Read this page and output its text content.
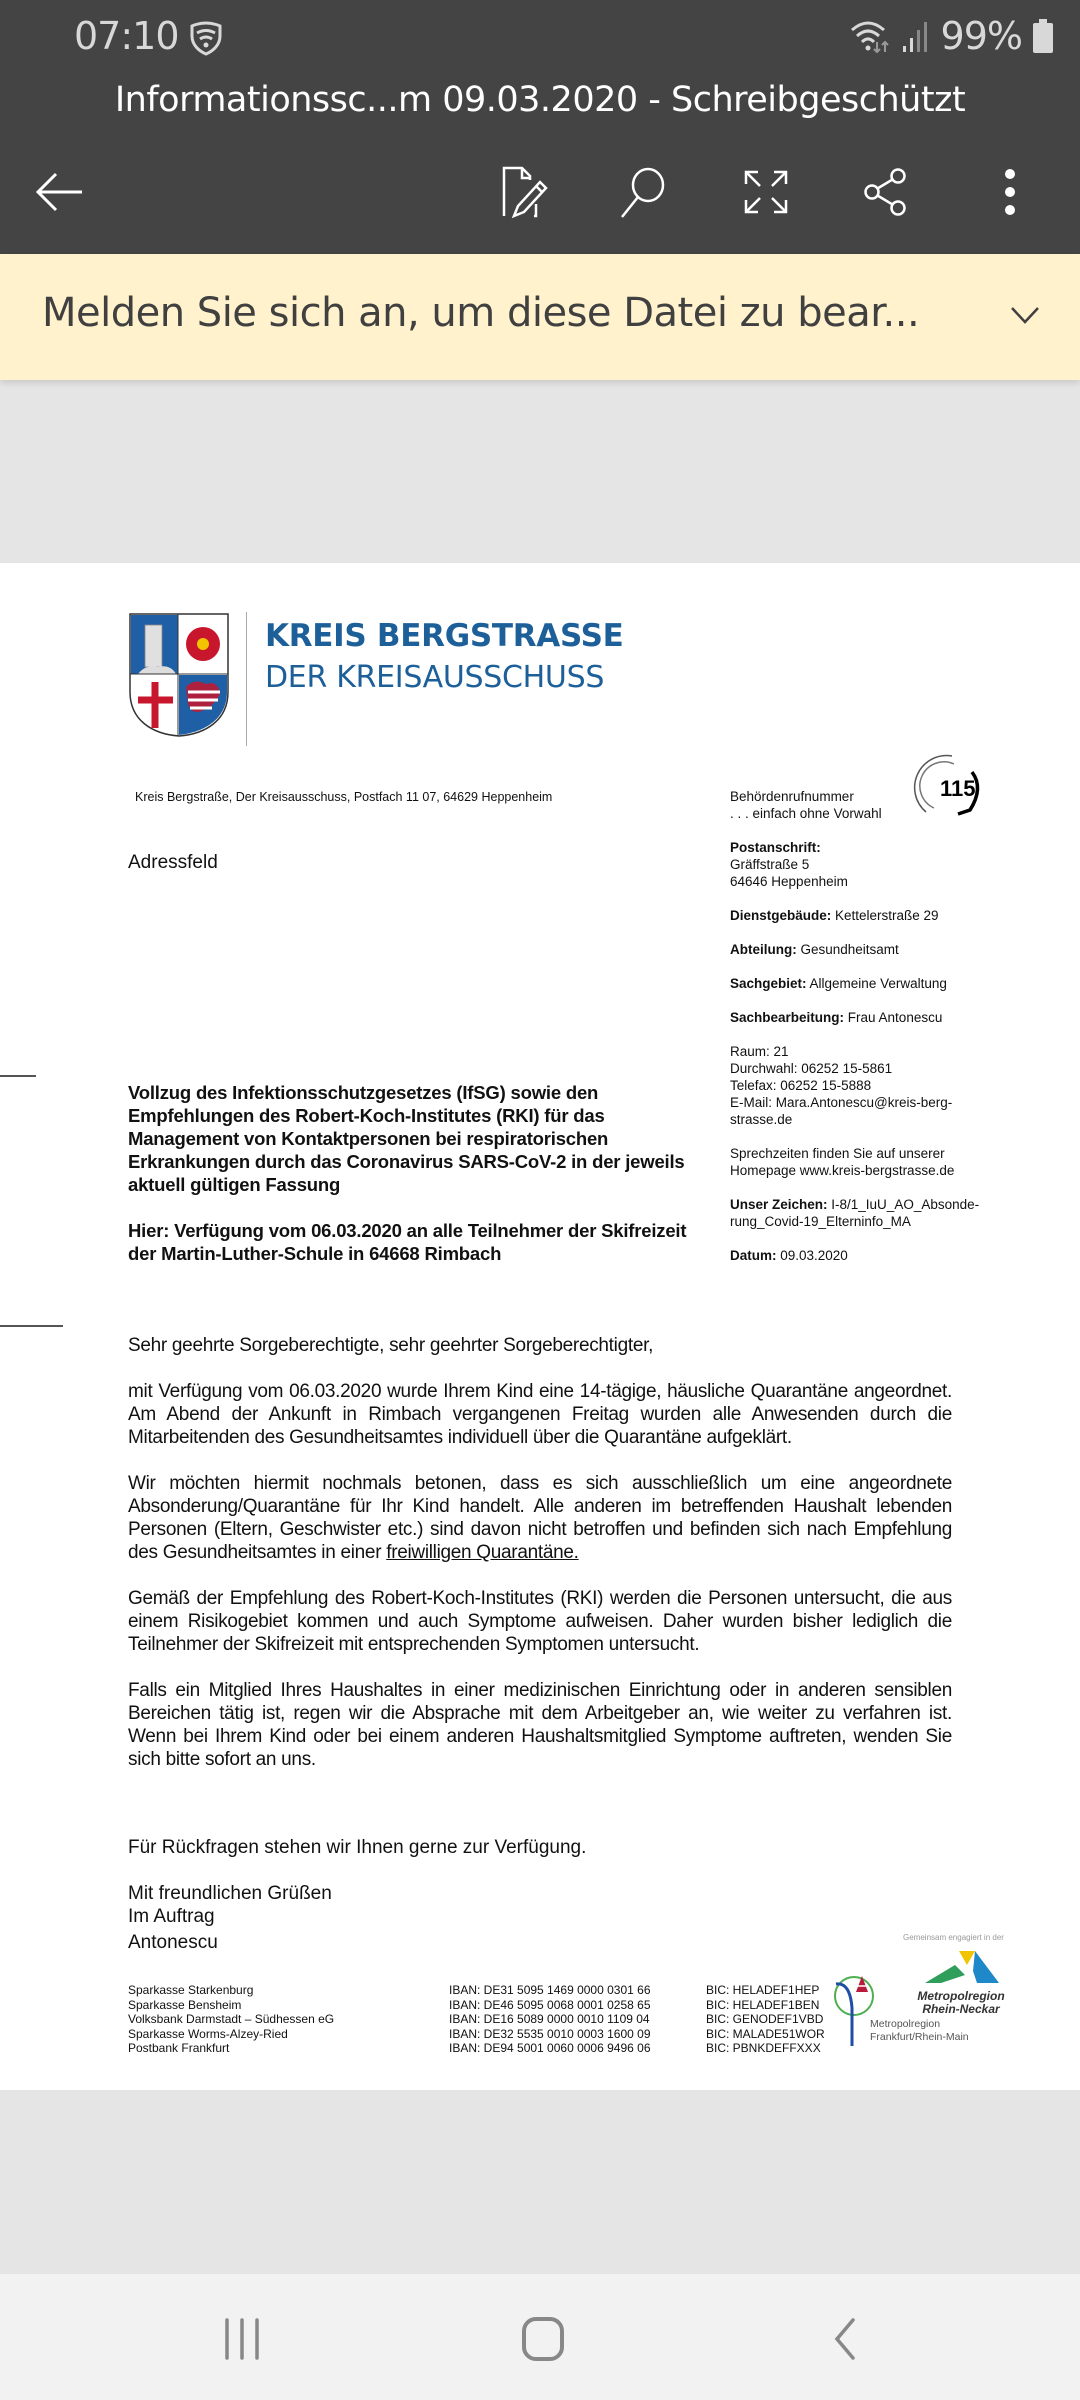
07:10	99%
Informationssc...m 09.03.2020 - Schreibgeschützt
Melden Sie sich an, um diese Datei zu bear...
KREIS BERGSTRASSE
DER KREISAUSSCHUSS
Kreis Bergstraße, Der Kreisausschuss, Postfach 11 07, 64629 Heppenheim
Adressfeld
115
Behördenrufnummer
. . . einfach ohne Vorwahl
Postanschrift:
Gräffstraße 5
64646 Heppenheim
Dienstgebäude: Kettelerstraße 29
Abteilung: Gesundheitsamt
Sachgebiet: Allgemeine Verwaltung
Sachbearbeitung: Frau Antonescu
Raum: 21
Durchwahl: 06252 15-5861
Telefax: 06252 15-5888
E-Mail: Mara.Antonescu@kreis-berg-
strasse.de
Sprechzeiten finden Sie auf unserer
Homepage www.kreis-bergstrasse.de
Unser Zeichen: I-8/1_IuU_AO_Absonde-
rung_Covid-19_Elterninfo_MA
Datum: 09.03.2020

Vollzug des Infektionsschutzgesetzes (IfSG) sowie den Empfehlungen des Robert-Koch-Institutes (RKI) für das Management von Kontaktpersonen bei respiratorischen Erkrankungen durch das Coronavirus SARS-CoV-2 in der jeweils aktuell gültigen Fassung

Hier: Verfügung vom 06.03.2020 an alle Teilnehmer der Skifreizeit der Martin-Luther-Schule in 64668 Rimbach

Sehr geehrte Sorgeberechtigte, sehr geehrter Sorgeberechtigter,

mit Verfügung vom 06.03.2020 wurde Ihrem Kind eine 14-tägige, häusliche Quarantäne angeordnet. Am Abend der Ankunft in Rimbach vergangenen Freitag wurden alle Anwesenden durch die Mitarbeitenden des Gesundheitsamtes individuell über die Quarantäne aufgeklärt.

Wir möchten hiermit nochmals betonen, dass es sich ausschließlich um eine angeordnete Absonderung/Quarantäne für Ihr Kind handelt. Alle anderen im betreffenden Haushalt lebenden Personen (Eltern, Geschwister etc.) sind davon nicht betroffen und befinden sich nach Empfehlung des Gesundheitsamtes in einer freiwilligen Quarantäne.

Gemäß der Empfehlung des Robert-Koch-Institutes (RKI) werden die Personen untersucht, die aus einem Risikogebiet kommen und auch Symptome aufweisen. Daher wurden bisher lediglich die Teilnehmer der Skifreizeit mit entsprechenden Symptomen untersucht.

Falls ein Mitglied Ihres Haushaltes in einer medizinischen Einrichtung oder in anderen sensiblen Bereichen tätig ist, regen wir die Absprache mit dem Arbeitgeber an, wie weiter zu verfahren ist. Wenn bei Ihrem Kind oder bei einem anderen Haushaltsmitglied Symptome auftreten, wenden Sie sich bitte sofort an uns.

Für Rückfragen stehen wir Ihnen gerne zur Verfügung.
Mit freundlichen Grüßen
Im Auftrag
Antonescu
Sparkasse Starkenburg
Sparkasse Bensheim
Volksbank Darmstadt – Südhessen eG
Sparkasse Worms-Alzey-Ried
Postbank Frankfurt
IBAN: DE31 5095 1469 0000 0301 66
IBAN: DE46 5095 0068 0001 0258 65
IBAN: DE16 5089 0000 0010 1109 04
IBAN: DE32 5535 0010 0003 1600 09
IBAN: DE94 5001 0060 0006 9496 06
BIC: HELADEF1HEP
BIC: HELADEF1BEN
BIC: GENODEF1VBD
BIC: MALADE51WOR
BIC: PBNKDEFFXXX
Gemeinsam engagiert in der
Metropolregion
Frankfurt/Rhein-Main
Metropolregion
Rhein-Neckar
